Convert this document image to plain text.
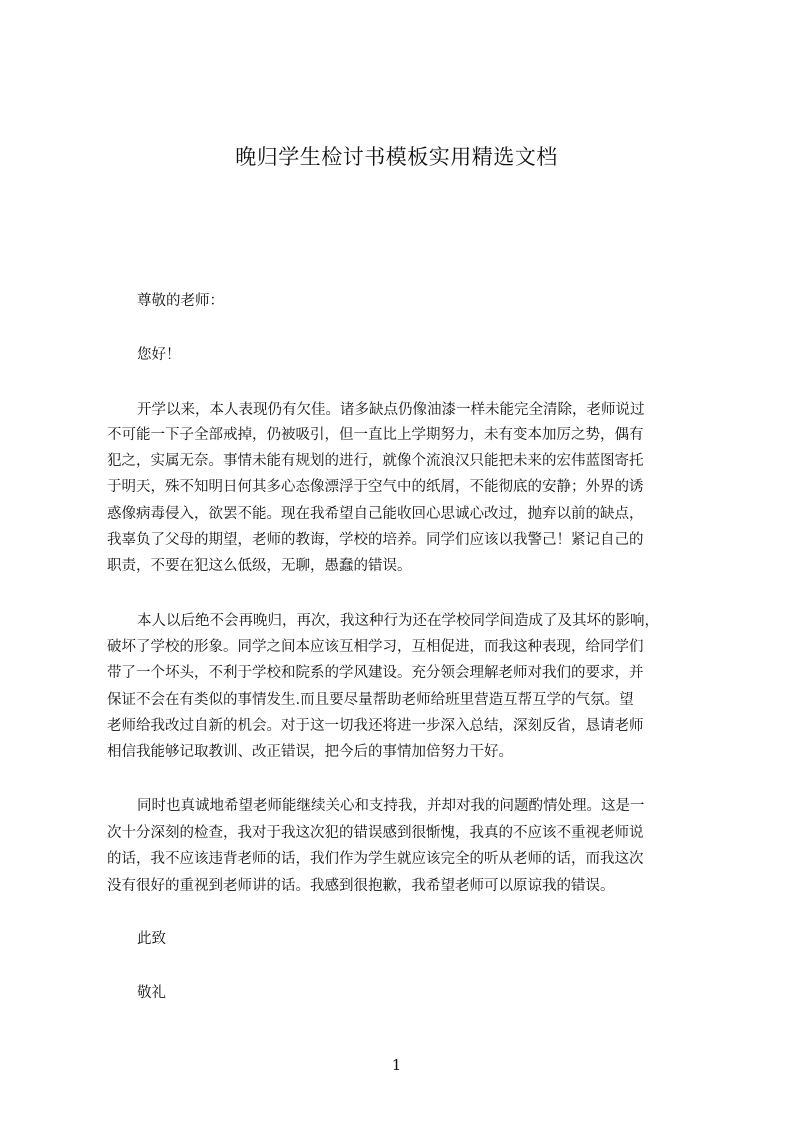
晚归学生检讨书模板实用精选文档
尊敬的老师：
您好！
开学以来，本人表现仍有欠佳。诸多缺点仍像油漆一样未能完全清除，老师说过
不可能一下子全部戒掉，仍被吸引，但一直比上学期努力，未有变本加厉之势，偶有
犯之，实属无奈。事情未能有规划的进行，就像个流浪汉只能把未来的宏伟蓝图寄托
于明天，殊不知明日何其多心态像漂浮于空气中的纸屑，不能彻底的安静；外界的诱
惑像病毒侵入，欲罢不能。现在我希望自己能收回心思诚心改过，抛弃以前的缺点，
我辜负了父母的期望，老师的教诲，学校的培养。同学们应该以我警己！紧记自己的
职责，不要在犯这么低级，无聊，愚蠢的错误。
本人以后绝不会再晚归，再次，我这种行为还在学校同学间造成了及其坏的影响，
破坏了学校的形象。同学之间本应该互相学习，互相促进，而我这种表现，给同学们
带了一个坏头，不利于学校和院系的学风建设。充分领会理解老师对我们的要求，并
保证不会在有类似的事情发生.而且要尽量帮助老师给班里营造互帮互学的气氛。望
老师给我改过自新的机会。对于这一切我还将进一步深入总结，深刻反省，恳请老师
相信我能够记取教训、改正错误，把今后的事情加倍努力干好。
同时也真诚地希望老师能继续关心和支持我，并却对我的问题酌情处理。这是一
次十分深刻的检查，我对于我这次犯的错误感到很惭愧，我真的不应该不重视老师说
的话，我不应该违背老师的话，我们作为学生就应该完全的听从老师的话，而我这次
没有很好的重视到老师讲的话。我感到很抱歉，我希望老师可以原谅我的错误。
此致
敬礼
1
